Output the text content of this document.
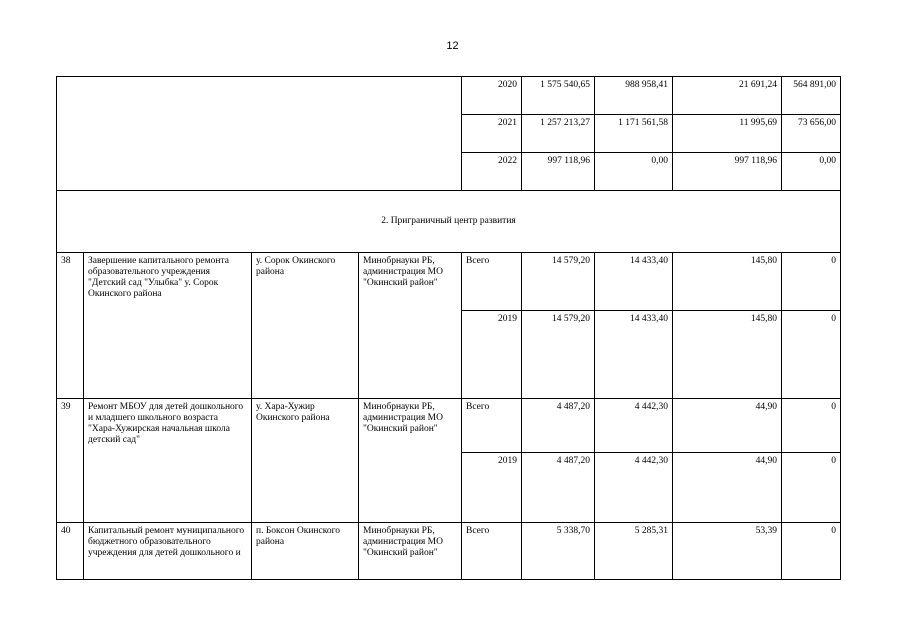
12
				2020	1 575 540,65	988 958,41	21 691,24	564 891,00
				2021	1 257 213,27	1 171 561,58	11 995,69	73 656,00
				2022	997 118,96	0,00	997 118,96	0,00
2. Приграничный центр развития								
38	Завершение капитального ремонта образовательного учреждения "Детский сад "Улыбка" у. Сорок Окинского района	у. Сорок Окинского района	Минобрнауки РБ, администрация МО "Окинский район"	Всего	14 579,20	14 433,40	145,80	0
				2019	14 579,20	14 433,40	145,80	0
39	Ремонт МБОУ для детей дошкольного и младшего школьного возраста "Хара-Хужирская начальная школа детский сад"	у. Хара-Хужир Окинского района	Минобрнауки РБ, администрация МО "Окинский район"	Всего	4 487,20	4 442,30	44,90	0
				2019	4 487,20	4 442,30	44,90	0
40	Капитальный ремонт муниципального бюджетного образовательного учреждения для детей дошкольного и	п. Боксон Окинского района	Минобрнауки РБ, администрация МО "Окинский район"	Всего	5 338,70	5 285,31	53,39	0
